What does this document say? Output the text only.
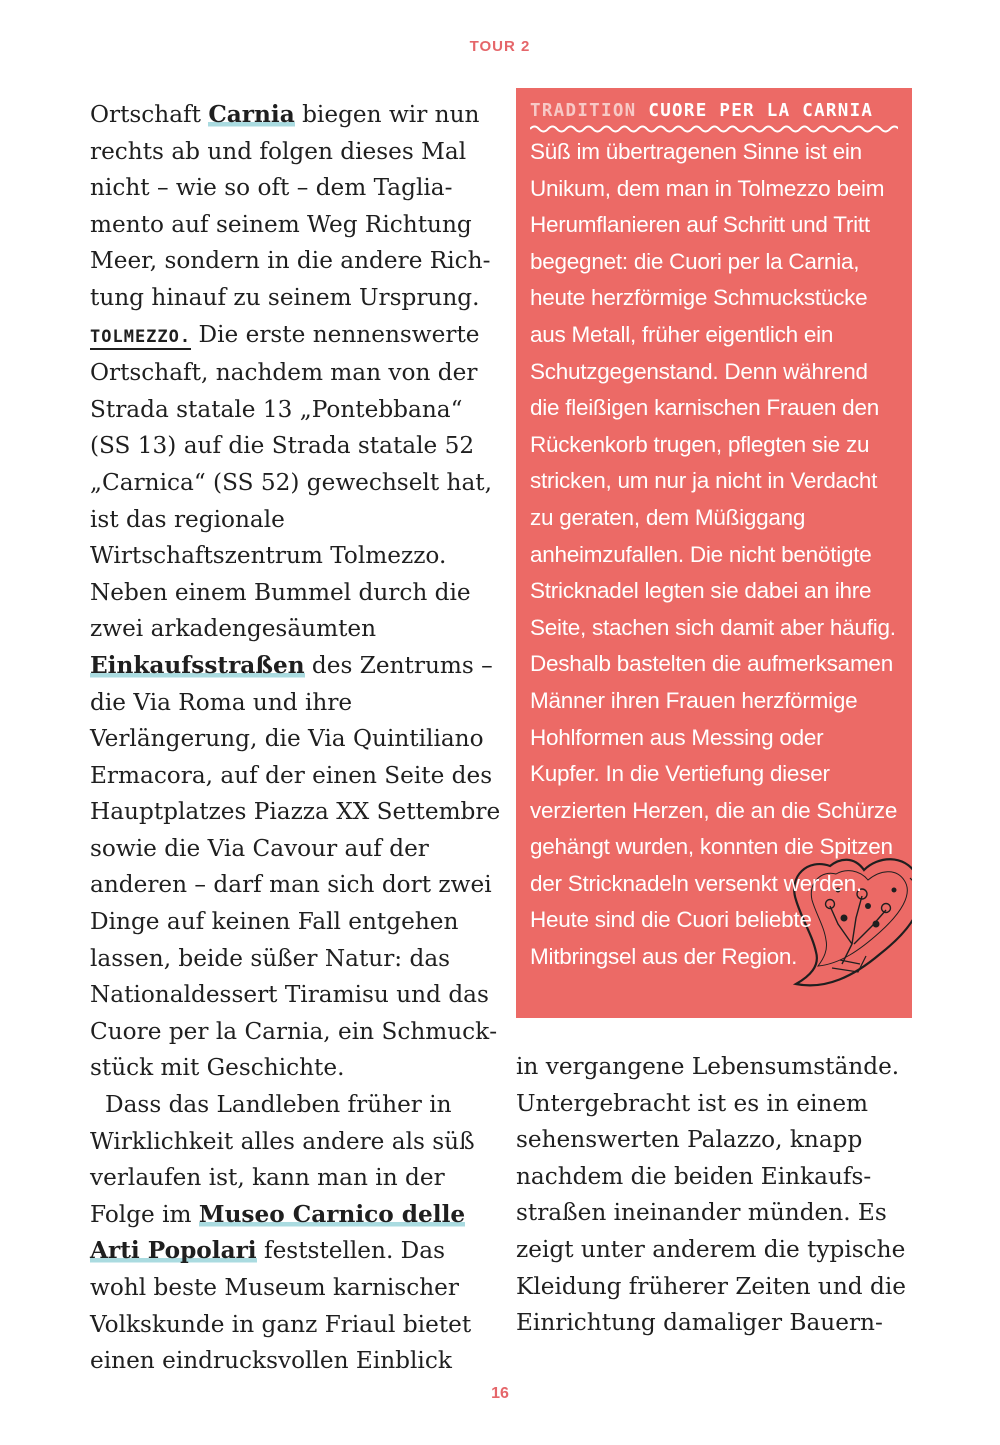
TOUR 2

Ortschaft Carnia biegen wir nun rechts ab und folgen dieses Mal nicht – wie so oft – dem Tagliamento auf seinem Weg Richtung Meer, sondern in die andere Richtung hinauf zu seinem Ursprung. TOLMEZZO. Die erste nennenswerte Ortschaft, nachdem man von der Strada statale 13 „Pontebbana“ (SS 13) auf die Strada statale 52 „Carnica“ (SS 52) gewechselt hat, ist das regionale Wirtschaftszentrum Tolmezzo. Neben einem Bummel durch die zwei arkadengesäumten Einkaufsstraßen des Zentrums – die Via Roma und ihre Verlängerung, die Via Quintiliano Ermacora, auf der einen Seite des Hauptplatzes Piazza XX Settembre sowie die Via Cavour auf der anderen – darf man sich dort zwei Dinge auf keinen Fall entgehen lassen, beide süßer Natur: das Nationaldessert Tiramisu und das Cuore per la Carnia, ein Schmuckstück mit Geschichte.

Dass das Landleben früher in Wirklichkeit alles andere als süß verlaufen ist, kann man in der Folge im Museo Carnico delle Arti Popolari feststellen. Das wohl beste Museum karnischer Volkskunde in ganz Friaul bietet einen eindrucksvollen Einblick

TRADITION CUORE PER LA CARNIA

Süß im übertragenen Sinne ist ein Unikum, dem man in Tolmezzo beim Herumflanieren auf Schritt und Tritt begegnet: die Cuori per la Carnia, heute herzförmige Schmuckstücke aus Metall, früher eigentlich ein Schutzgegenstand. Denn während die fleißigen karnischen Frauen den Rückenkorb trugen, pflegten sie zu stricken, um nur ja nicht in Verdacht zu geraten, dem Müßiggang anheimzufallen. Die nicht benötigte Stricknadel legten sie dabei an ihre Seite, stachen sich damit aber häufig. Deshalb bastelten die aufmerksamen Männer ihren Frauen herzförmige Hohlformen aus Messing oder Kupfer. In die Vertiefung dieser verzierten Herzen, die an die Schürze gehängt wurden, konnten die Spitzen der Stricknadeln versenkt werden. Heute sind die Cuori beliebte Mitbringsel aus der Region.

in vergangene Lebensumstände. Untergebracht ist es in einem sehenswerten Palazzo, knapp nachdem die beiden Einkaufsstraßen ineinander münden. Es zeigt unter anderem die typische Kleidung früherer Zeiten und die Einrichtung damaliger Bauern-

16
